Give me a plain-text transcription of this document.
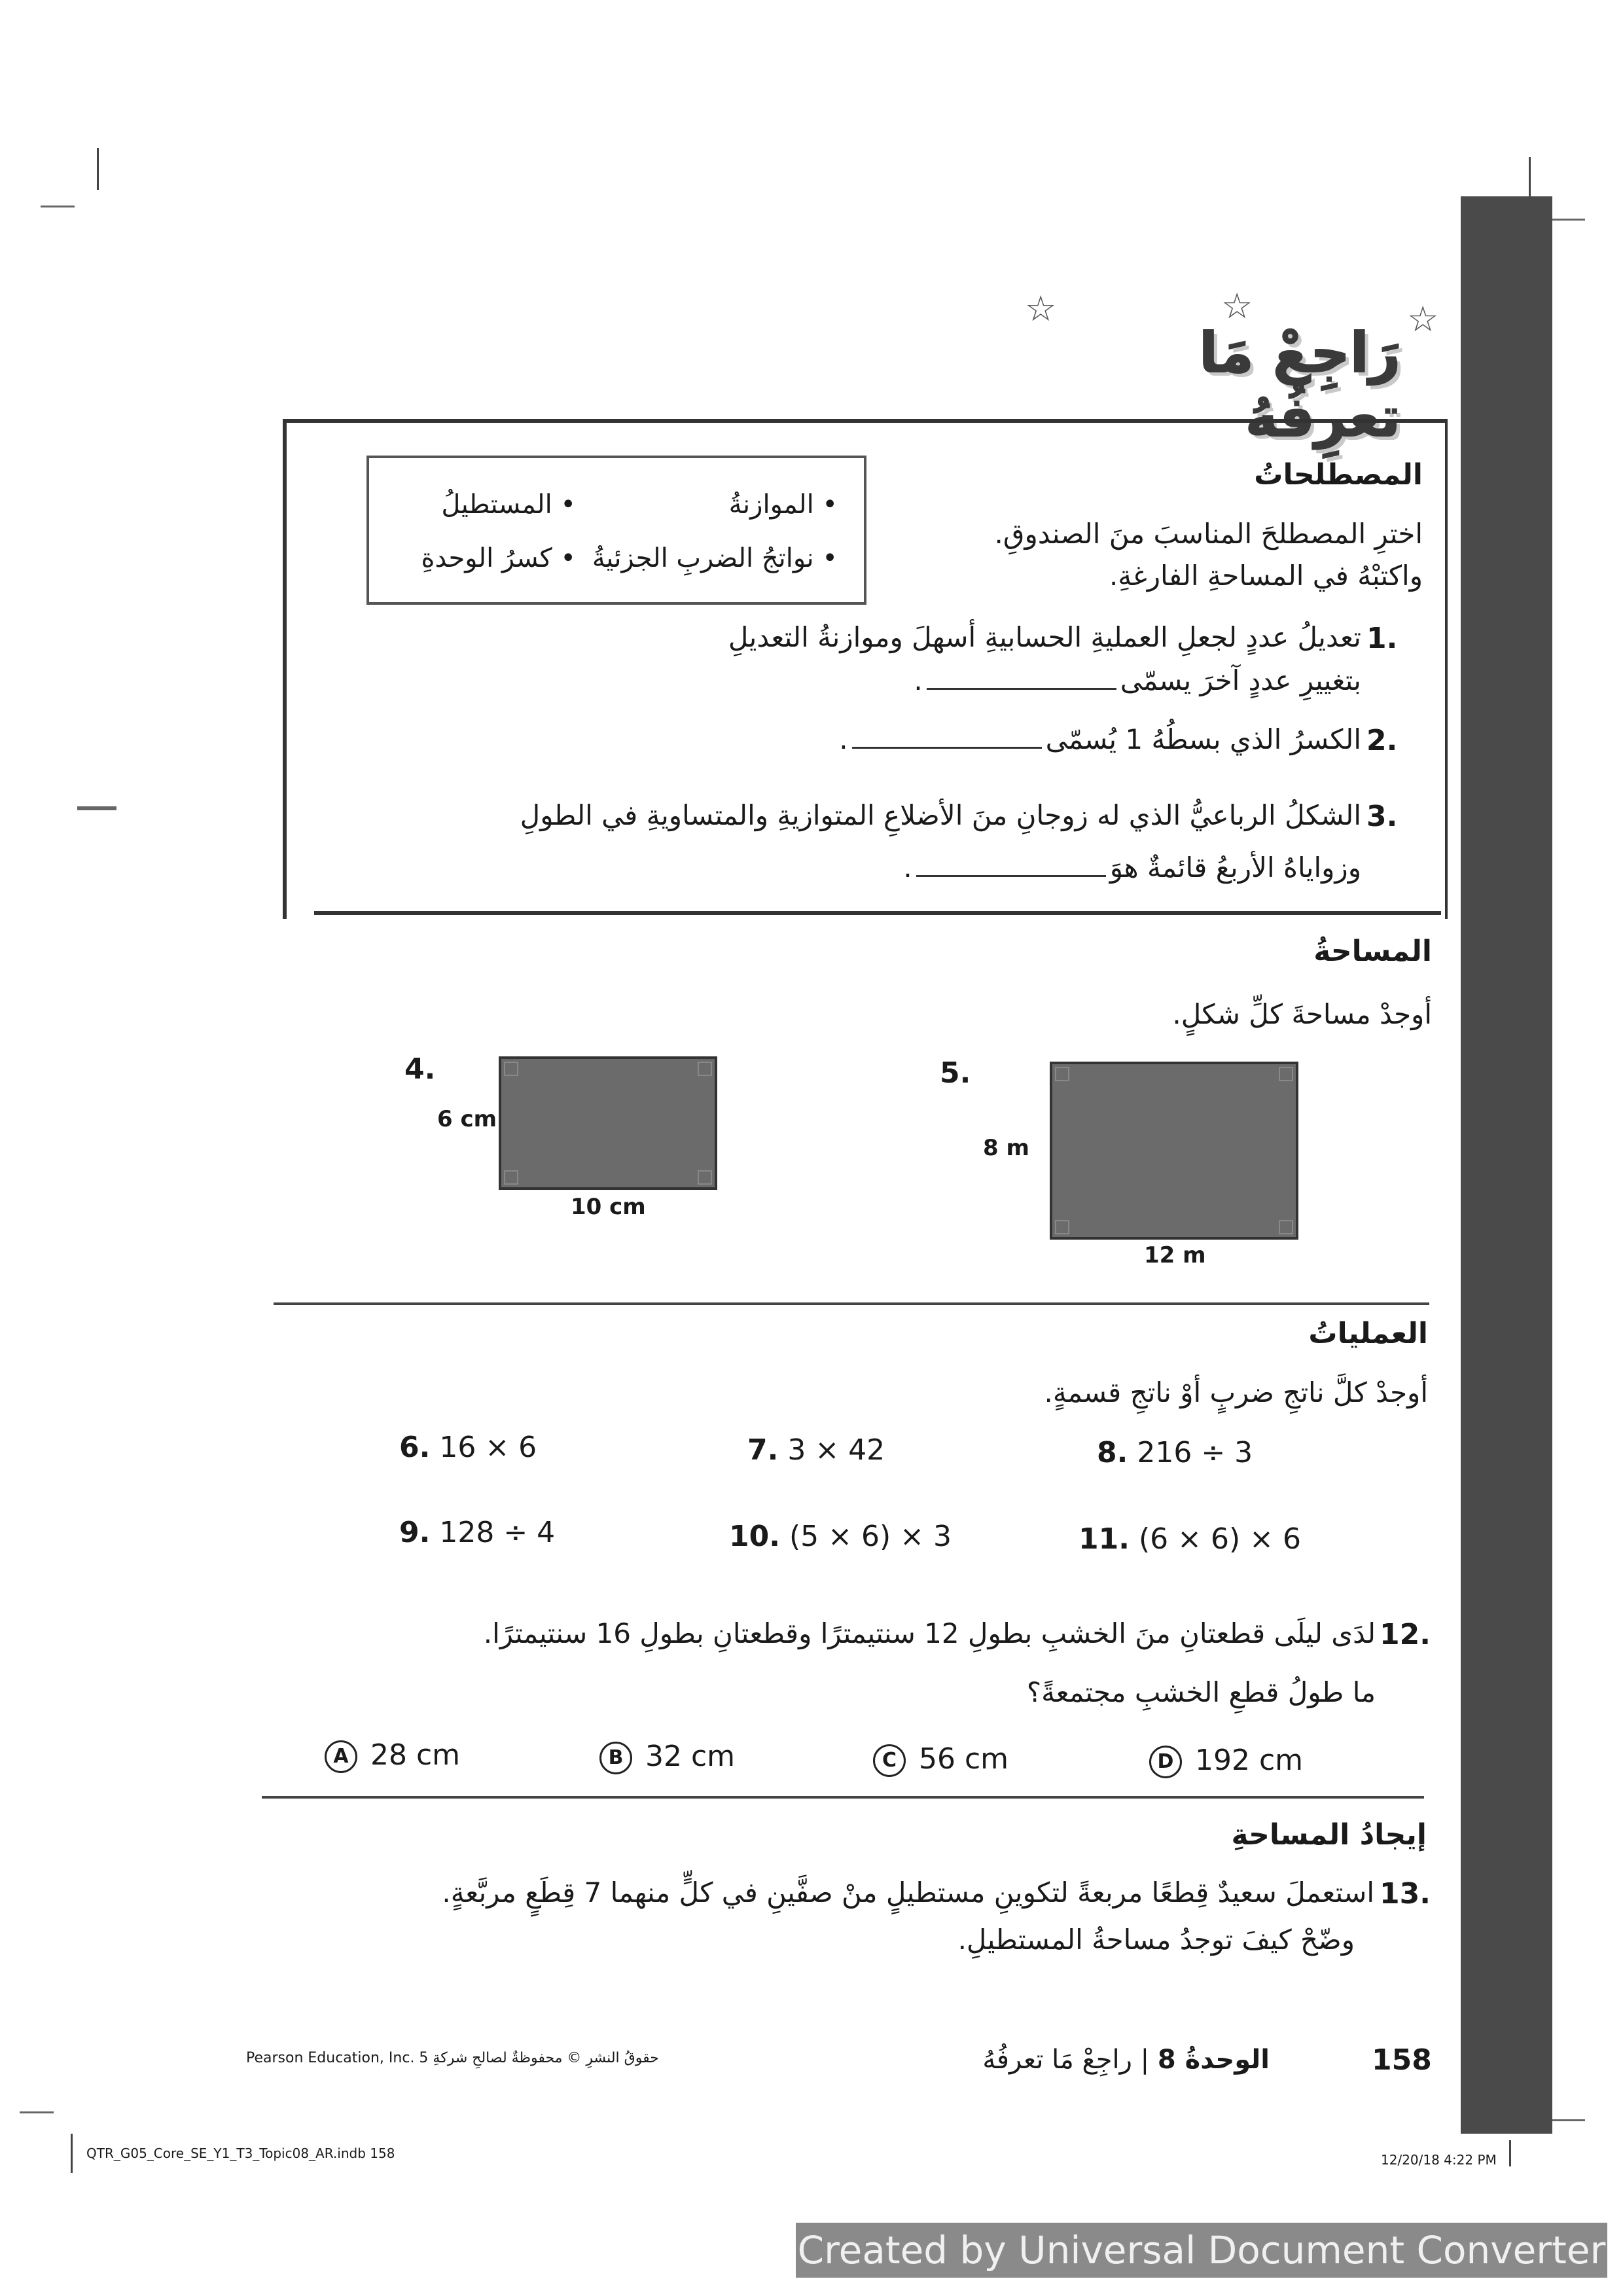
☆	☆	☆
رَاجِعْ مَا تعرِفُهُ
المصطلحاتُ
اخترِ المصطلحَ المناسبَ منَ الصندوقِ.
واكتبْهُ في المساحةِ الفارغةِ.
• الموازنةُ
• المستطيلُ
• نواتجُ الضربِ الجزئيةُ
• كسرُ الوحدةِ
1.
تعديلُ عددٍ لجعلِ العمليةِ الحسابيةِ أسهلَ وموازنةُ التعديلِ
بتغييرِ عددٍ آخرَ يسمّى.
2.
الكسرُ الذي بسطُهُ 1 يُسمّى.
3.
الشكلُ الرباعيُّ الذي له زوجانِ منَ الأضلاعِ المتوازيةِ والمتساويةِ في الطولِ
وزواياهُ الأربعُ قائمةٌ هوَ.
المساحةُ
أوجدْ مساحةَ كلِّ شكلٍ.
4.
6 cm
10 cm
5.
8 m
12 m
العملياتُ
أوجدْ كلَّ ناتجِ ضربٍ أوْ ناتجِ قسمةٍ.
6. 16 × 6	7. 3 × 42	8. 216 ÷ 3
9. 128 ÷ 4	10. (5 × 6) × 3	11. (6 × 6) × 6
12.
لدَى ليلَى قطعتانِ منَ الخشبِ بطولِ 12 سنتيمترًا وقطعتانِ بطولِ 16 سنتيمترًا.
ما طولُ قطعِ الخشبِ مجتمعةً؟
A 28 cm	B 32 cm	C 56 cm	D 192 cm
إيجادُ المساحةِ
13.
استعملَ سعيدٌ قِطعًا مربعةً لتكوينِ مستطيلٍ منْ صفَّينِ في كلٍّ منهما 7 قِطَعٍ مربَّعةٍ.
وضّحْ كيفَ توجدُ مساحةُ المستطيلِ.
حقوقُ النشرِ © محفوظةٌ لصالحِ شركةِ Pearson Education, Inc. 5	الوحدةُ 8 | راجِعْ مَا تعرفُهُ	158
QTR_G05_Core_SE_Y1_T3_Topic08_AR.indb 158	12/20/18 4:22 PM
Created by Universal Document Converter
